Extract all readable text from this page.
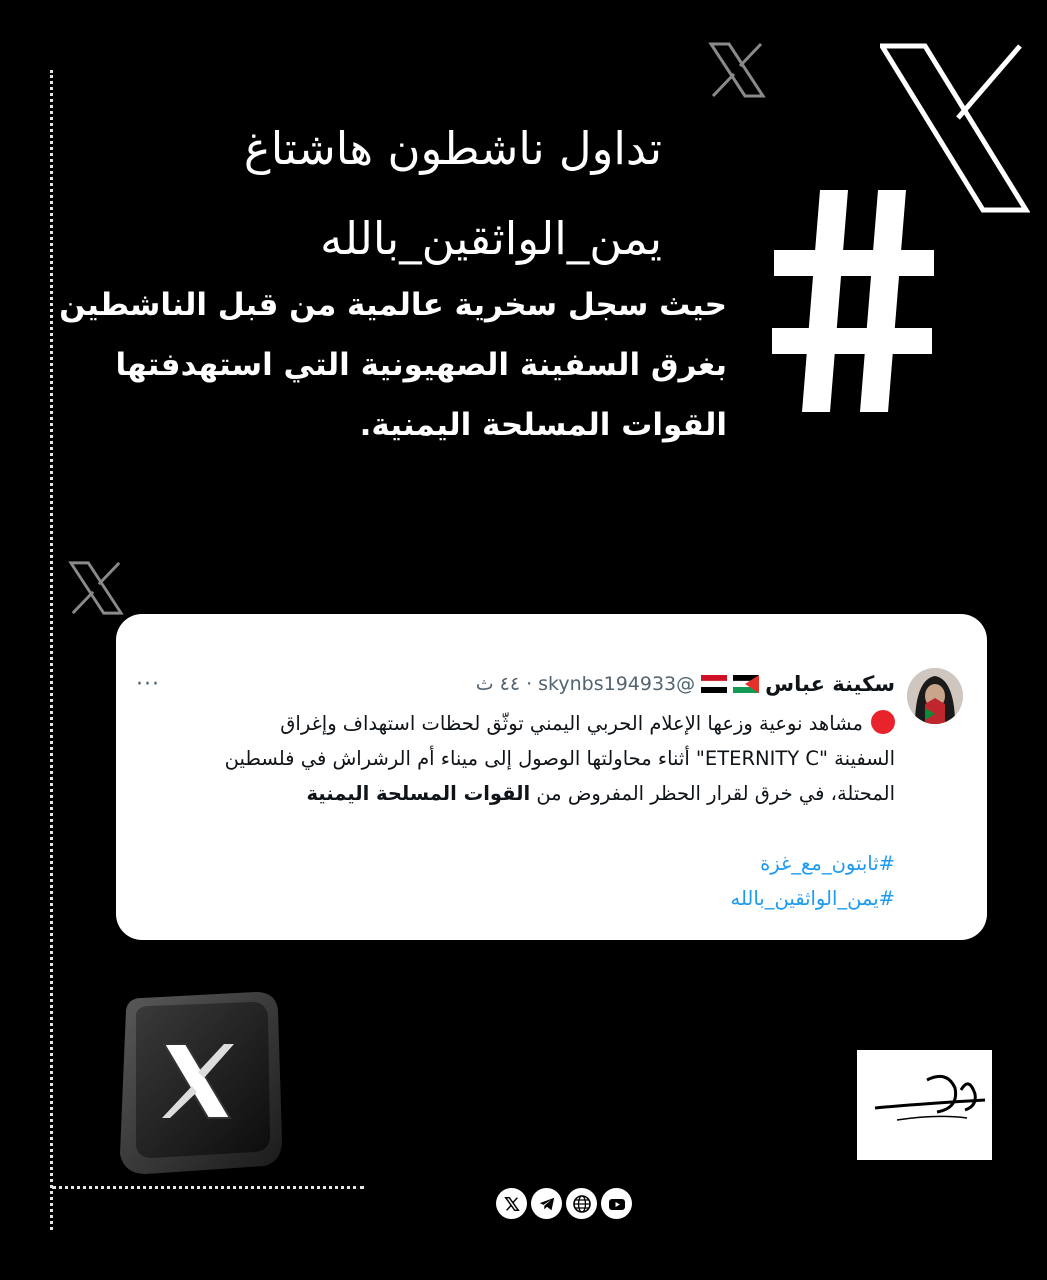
تداول ناشطون هاشتاغ
يمن_الواثقين_بالله
حيث سجل سخرية عالمية من قبل الناشطين
بغرق السفينة الصهيونية التي استهدفتها
القوات المسلحة اليمنية.
سكينة عباس
@skynbs194933
·
٤٤ ث
···
مشاهد نوعية وزعها الإعلام الحربي اليمني توثّق لحظات استهداف وإغراق
السفينة "ETERNITY C" أثناء محاولتها الوصول إلى ميناء أم الرشراش في فلسطين
المحتلة، في خرق لقرار الحظر المفروض من القوات المسلحة اليمنية
#ثابتون_مع_غزة
#يمن_الواثقين_بالله
